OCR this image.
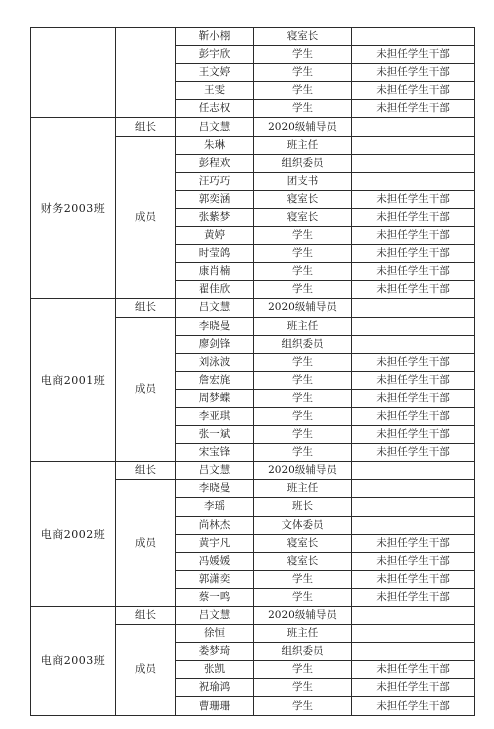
		靳小栩	寝室长	
		彭宇欣	学生	未担任学生干部
		王文婷	学生	未担任学生干部
		王雯	学生	未担任学生干部
		任志权	学生	未担任学生干部
财务2003班	组长	吕文慧	2020级辅导员	
	成员	朱琳	班主任	
		彭程欢	组织委员	
		汪巧巧	团支书	
		郭奕涵	寝室长	未担任学生干部
		张紫梦	寝室长	未担任学生干部
		黄婷	学生	未担任学生干部
		时莹鸽	学生	未担任学生干部
		康肖楠	学生	未担任学生干部
		翟佳欣	学生	未担任学生干部
电商2001班	组长	吕文慧	2020级辅导员	
	成员	李晓曼	班主任	
		廖剑锋	组织委员	
		刘泳波	学生	未担任学生干部
		詹宏旄	学生	未担任学生干部
		周梦蝶	学生	未担任学生干部
		李亚琪	学生	未担任学生干部
		张一斌	学生	未担任学生干部
		宋宝锋	学生	未担任学生干部
电商2002班	组长	吕文慧	2020级辅导员	
	成员	李晓曼	班主任	
		李瑶	班长	
		尚林杰	文体委员	
		黄宇凡	寝室长	未担任学生干部
		冯媛媛	寝室长	未担任学生干部
		郭潇奕	学生	未担任学生干部
		蔡一鸣	学生	未担任学生干部
电商2003班	组长	吕文慧	2020级辅导员	
	成员	徐恒	班主任	
		娄梦琦	组织委员	
		张凯	学生	未担任学生干部
		祝瑜鸿	学生	未担任学生干部
		曹珊珊	学生	未担任学生干部
